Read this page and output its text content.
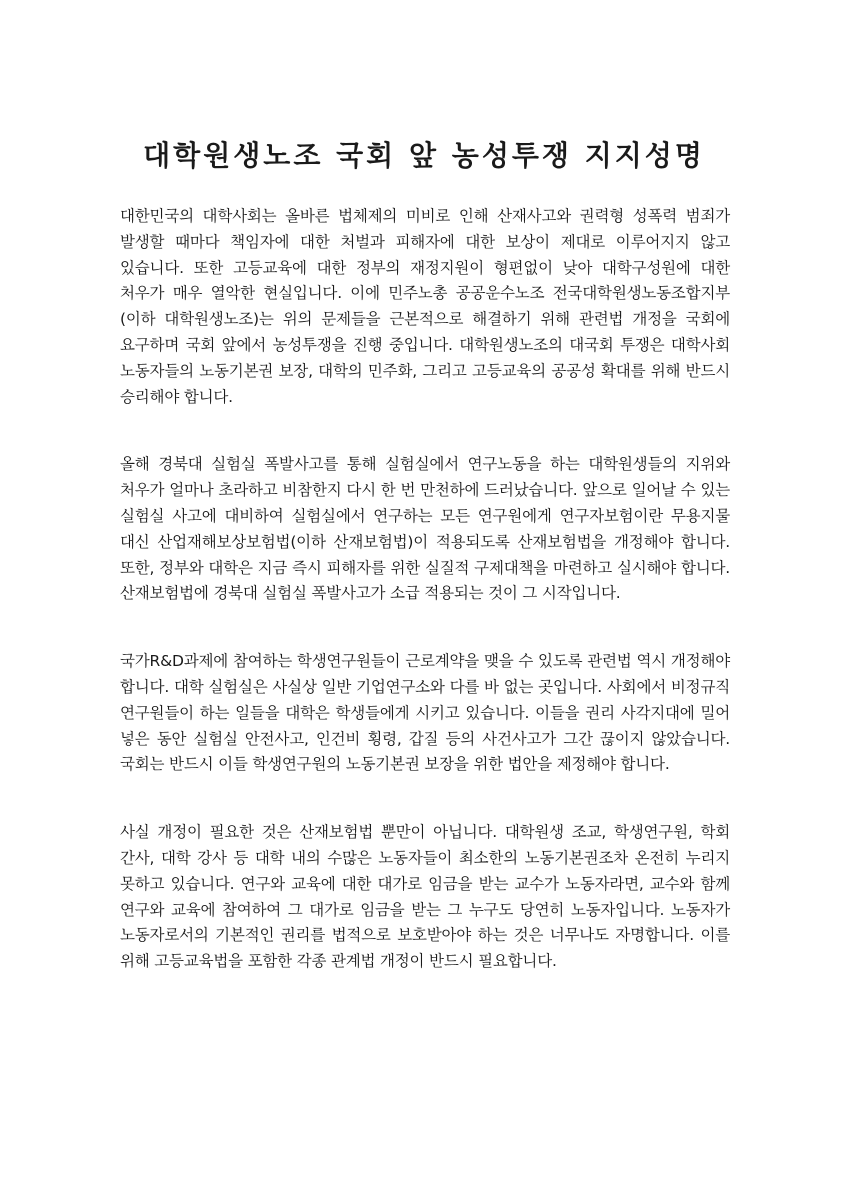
대학원생노조 국회 앞 농성투쟁 지지성명

대한민국의 대학사회는 올바른 법체제의 미비로 인해 산재사고와 권력형 성폭력 범죄가 발생할 때마다 책임자에 대한 처벌과 피해자에 대한 보상이 제대로 이루어지지 않고 있습니다. 또한 고등교육에 대한 정부의 재정지원이 형편없이 낮아 대학구성원에 대한 처우가 매우 열악한 현실입니다. 이에 민주노총 공공운수노조 전국대학원생노동조합지부(이하 대학원생노조)는 위의 문제들을 근본적으로 해결하기 위해 관련법 개정을 국회에 요구하며 국회 앞에서 농성투쟁을 진행 중입니다. 대학원생노조의 대국회 투쟁은 대학사회 노동자들의 노동기본권 보장, 대학의 민주화, 그리고 고등교육의 공공성 확대를 위해 반드시 승리해야 합니다.

올해 경북대 실험실 폭발사고를 통해 실험실에서 연구노동을 하는 대학원생들의 지위와 처우가 얼마나 초라하고 비참한지 다시 한 번 만천하에 드러났습니다. 앞으로 일어날 수 있는 실험실 사고에 대비하여 실험실에서 연구하는 모든 연구원에게 연구자보험이란 무용지물 대신 산업재해보상보험법(이하 산재보험법)이 적용되도록 산재보험법을 개정해야 합니다. 또한, 정부와 대학은 지금 즉시 피해자를 위한 실질적 구제대책을 마련하고 실시해야 합니다. 산재보험법에 경북대 실험실 폭발사고가 소급 적용되는 것이 그 시작입니다.

국가R&D과제에 참여하는 학생연구원들이 근로계약을 맺을 수 있도록 관련법 역시 개정해야 합니다. 대학 실험실은 사실상 일반 기업연구소와 다를 바 없는 곳입니다. 사회에서 비정규직 연구원들이 하는 일들을 대학은 학생들에게 시키고 있습니다. 이들을 권리 사각지대에 밀어 넣은 동안 실험실 안전사고, 인건비 횡령, 갑질 등의 사건사고가 그간 끊이지 않았습니다. 국회는 반드시 이들 학생연구원의 노동기본권 보장을 위한 법안을 제정해야 합니다.

사실 개정이 필요한 것은 산재보험법 뿐만이 아닙니다. 대학원생 조교, 학생연구원, 학회 간사, 대학 강사 등 대학 내의 수많은 노동자들이 최소한의 노동기본권조차 온전히 누리지 못하고 있습니다. 연구와 교육에 대한 대가로 임금을 받는 교수가 노동자라면, 교수와 함께 연구와 교육에 참여하여 그 대가로 임금을 받는 그 누구도 당연히 노동자입니다. 노동자가 노동자로서의 기본적인 권리를 법적으로 보호받아야 하는 것은 너무나도 자명합니다. 이를 위해 고등교육법을 포함한 각종 관계법 개정이 반드시 필요합니다.
